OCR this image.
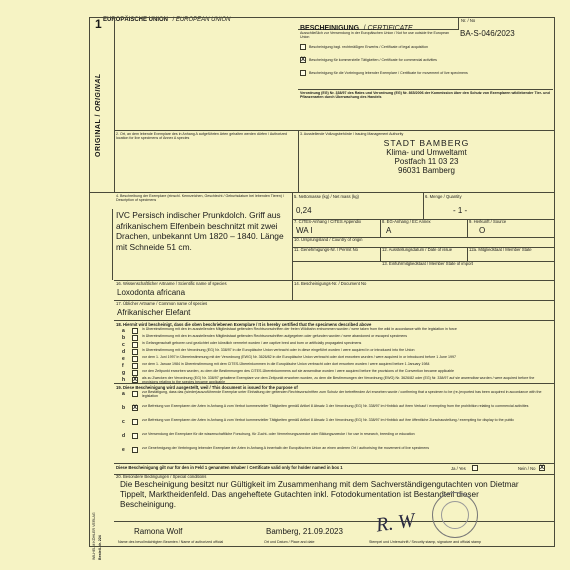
WILHELM KÖHLER VERLAG Bestell-Nr. 224
EUROPÄISCHE UNION / EUROPEAN UNION
1
ORIGINAL / ORIGINAL
BESCHEINIGUNG / CERTIFICATE
Nr. / No
BA-S-046/2023
Ausschließlich zur Verwendung in der Europäischen Union / Not for use outside the European Union
Bescheinigung bzgl. rechtmäßigen Erwerbs / Certificate of legal acquisition
X Bescheinigung für kommerzielle Tätigkeiten / Certificate for commercial activities
Bescheinigung für die Vorbringung lebender Exemplare / Certificate for movement of live specimens
Verordnung (EG) Nr. 338/97 des Rates und Verordnung (EG) Nr. 865/2006 der Kommission über den Schutz von Exemplaren wildlebender Tier- und Pflanzenarten durch Überwachung des Handels
2. Ort, an dem lebende Exemplare des in Anhang A aufgeführten Arten gehalten werden dürfen / Authorized location for live specimens of Annex A species
3. Ausstellende Vollzugsbehörde / Issuing Management Authority
STADT BAMBERG
Klima- und Umweltamt
Postfach 11 03 23
96031 Bamberg
4. Beschreibung der Exemplare (einschl. Kennzeichen, Geschlecht / Geburtsdatum bei lebenden Tieren) / Description of specimens
IVC Persisch indischer Prunkdolch. Griff aus afrikanischem Elfenbein beschnitzt mit zwei Drachen, unbekannt Um 1820 – 1840. Länge mit Schneide 51 cm.
5. Nettomasse (kg) / Net mass (kg)
0,24
6. Menge / Quantity
- 1 -
7. CITES-Anhang / CITES Appendix
WA I
8. EG-Anhang / EC Annex
A
9. Herkunft / Source
O
10. Ursprungsland / Country of origin
11. Genehmigungs-Nr. / Permit No	12. Ausstellungsdatum / Date of issue	12a. Mitgliedstaat / Member State
13. Einfuhrmitgliedstaat / Member State of import
16. Wissenschaftlicher Artname / Scientific name of species
Loxodonta africana
14. Bescheinigungs-Nr. / Document No
17. Üblicher Artname / Common name of species
Afrikanischer Elefant
18. Hiermit wird bescheinigt, dass die oben beschriebenen Exemplare / It is hereby certified that the specimens described above
a	in Übereinstimmung mit den im ausstellenden Mitgliedstaat geltenden Rechtsvorschriften der freien Wildbahn entnommen wurden / were taken from the wild in accordance with the legislation in force
b	in Übereinstimmung mit den im ausstellenden Mitgliedstaat geltenden Rechtsvorschriften aufgegeben oder gefunden wurden / were abandoned or escaped specimens
c	in Gefangenschaft geboren und gezüchtet oder künstlich vermehrt wurden / are captive bred and born or artificially propagated specimens
d	in Übereinstimmung mit der Verordnung (EG) Nr. 338/97 in die Europäische Union verbracht oder in diese eingeführt wurden / were acquired in or introduced into the Union
e	vor dem 1. Juni 1997 in Übereinstimmung mit der Verordnung (EWG) Nr. 3626/82 in die Europäische Union verbracht oder dort erworben wurden / were acquired in or introduced before 1 June 1997
f	vor dem 1. Januar 1984 in Übereinstimmung mit dem CITES-Übereinkommen in die Europäische Union verbracht oder dort erworben wurden / were acquired before 1 January 1984
g	vor den Zeitpunkt erworben wurden, zu dem die Bestimmungen des CITES-Übereinkommens auf sie anwendbar wurden / were acquired before the provisions of the Convention became applicable
h X als zu Zwecken der Verordnung (EG) Nr. 338/97 gehaltene Exemplare vor dem Zeitpunkt erworben wurden, zu dem die Bestimmungen der Verordnung (EWG) Nr. 3626/82 oder (EG) Nr. 338/97 auf sie anwendbar wurden / were acquired before the provisions relating to the species became applicable
19. Diese Bescheinigung wird ausgestellt, weil / This document is issued for the purpose of
a	zur Bestätigung, dass das (wieder)auszuführende Exemplar unter Einhaltung der geltenden Rechtsvorschriften zum Schutz der betreffenden Art erworben wurde / confirming that a specimen to be (re-)exported has been acquired in accordance with the legislation
b X zur Befreiung von Exemplaren der Arten in Anhang A vom Verbot kommerzieller Tätigkeiten gemäß Artikel 8 Absatz 3 der Verordnung (EG) Nr. 338/97 im Hinblick auf ihren Verkauf / exempting from the prohibition relating to commercial activities
c	zur Befreiung von Exemplaren der Arten in Anhang A vom Verbot kommerzieller Tätigkeiten gemäß Artikel 8 Absatz 3 der Verordnung (EG) Nr. 338/97 im Hinblick auf ihre öffentliche Zurschaustellung / exempting for display to the public
d	zur Verwendung der Exemplare für die wissenschaftliche Forschung, für Zucht- oder Vermehrungszwecke oder Bildungszwecke / for use in research, breeding or education
e	zur Genehmigung der Verbringung lebender Exemplare der Arten in Anhang A innerhalb der Europäischen Union an einen anderen Ort / authorising the movement of live specimens
Diese Bescheinigung gilt nur für den in Feld 1 genannten Inhaber / Certificate valid only for holder named in box 1	Ja / Yes	Nein / No X
20. Besondere Bedingungen / Special conditions
Die Bescheinigung besitzt nur Gültigkeit im Zusammenhang mit dem Sachverständigengutachten von Dietmar Tippelt, Marktheidenfeld. Das angeheftete Gutachten inkl. Fotodokumentation ist Bestandteil dieser Bescheinigung.
Ramona Wolf
Name des bevollmächtigten Beamten / Name of authorized official
Bamberg, 21.09.2023
Ort und Datum / Place and date	Stempel und Unterschrift / Security stamp, signature and official stamp
R. W
